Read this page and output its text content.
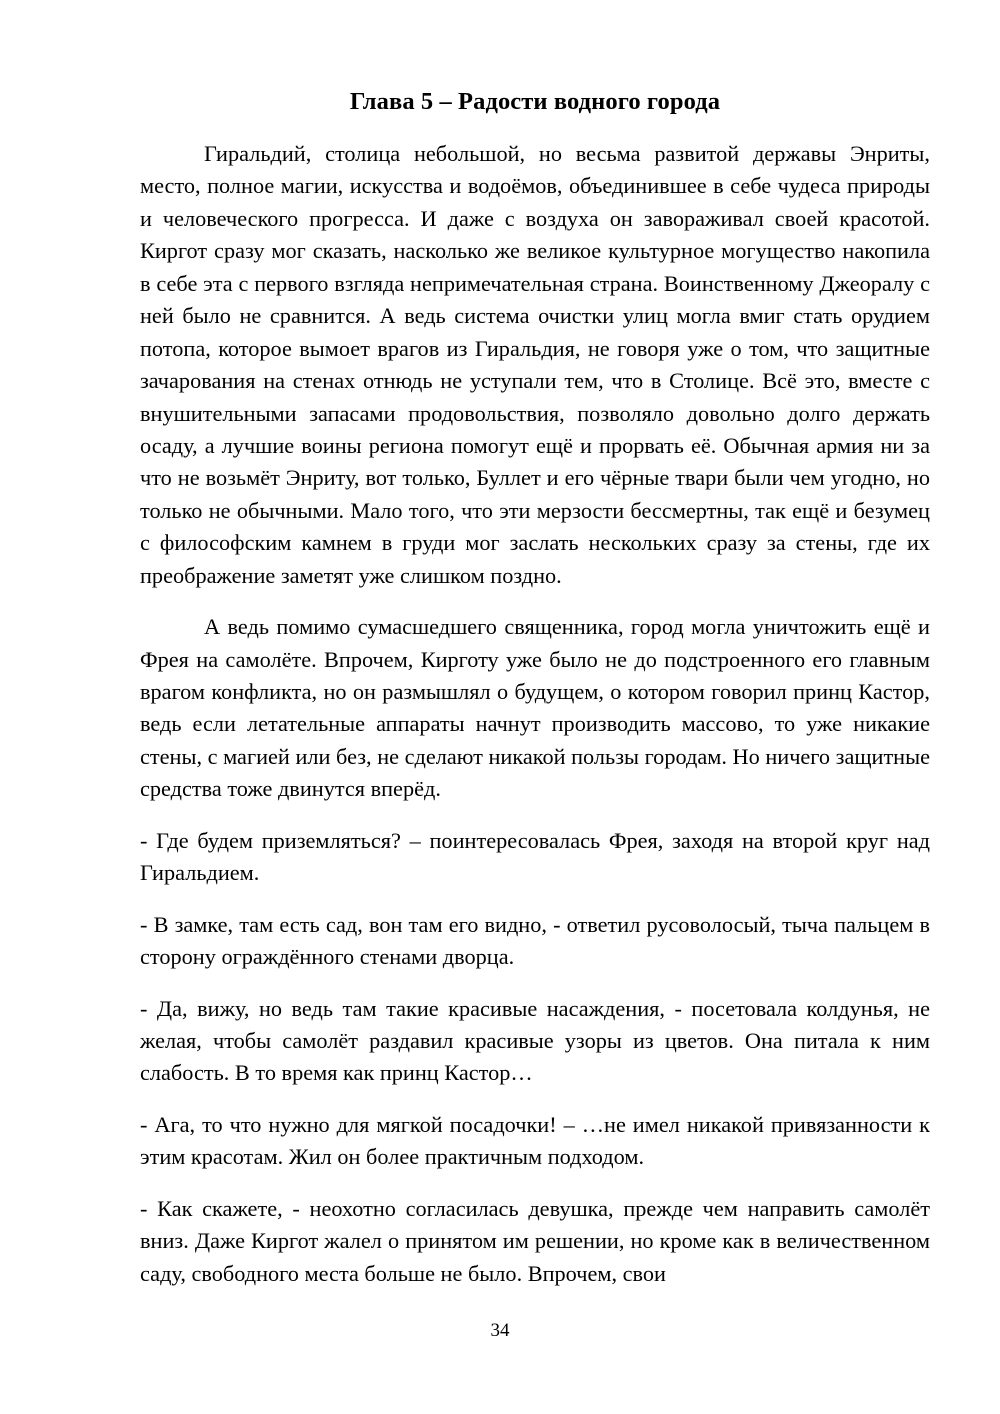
Глава 5 – Радости водного города

Гиральдий, столица небольшой, но весьма развитой державы Энриты, место, полное магии, искусства и водоёмов, объединившее в себе чудеса природы и человеческого прогресса. И даже с воздуха он завораживал своей красотой. Киргот сразу мог сказать, насколько же великое культурное могущество накопила в себе эта с первого взгляда непримечательная страна. Воинственному Джеоралу с ней было не сравнится. А ведь система очистки улиц могла вмиг стать орудием потопа, которое вымоет врагов из Гиральдия, не говоря уже о том, что защитные зачарования на стенах отнюдь не уступали тем, что в Столице. Всё это, вместе с внушительными запасами продовольствия, позволяло довольно долго держать осаду, а лучшие воины региона помогут ещё и прорвать её. Обычная армия ни за что не возьмёт Энриту, вот только, Буллет и его чёрные твари были чем угодно, но только не обычными. Мало того, что эти мерзости бессмертны, так ещё и безумец с философским камнем в груди мог заслать нескольких сразу за стены, где их преображение заметят уже слишком поздно.

А ведь помимо сумасшедшего священника, город могла уничтожить ещё и Фрея на самолёте. Впрочем, Кирготу уже было не до подстроенного его главным врагом конфликта, но он размышлял о будущем, о котором говорил принц Кастор, ведь если летательные аппараты начнут производить массово, то уже никакие стены, с магией или без, не сделают никакой пользы городам. Но ничего защитные средства тоже двинутся вперёд.

- Где будем приземляться? – поинтересовалась Фрея, заходя на второй круг над Гиральдием.

- В замке, там есть сад, вон там его видно, - ответил русоволосый, тыча пальцем в сторону ограждённого стенами дворца.

- Да, вижу, но ведь там такие красивые насаждения, - посетовала колдунья, не желая, чтобы самолёт раздавил красивые узоры из цветов. Она питала к ним слабость. В то время как принц Кастор…

- Ага, то что нужно для мягкой посадочки! – …не имел никакой привязанности к этим красотам. Жил он более практичным подходом.

- Как скажете, - неохотно согласилась девушка, прежде чем направить самолёт вниз. Даже Киргот жалел о принятом им решении, но кроме как в величественном саду, свободного места больше не было. Впрочем, свои

34
